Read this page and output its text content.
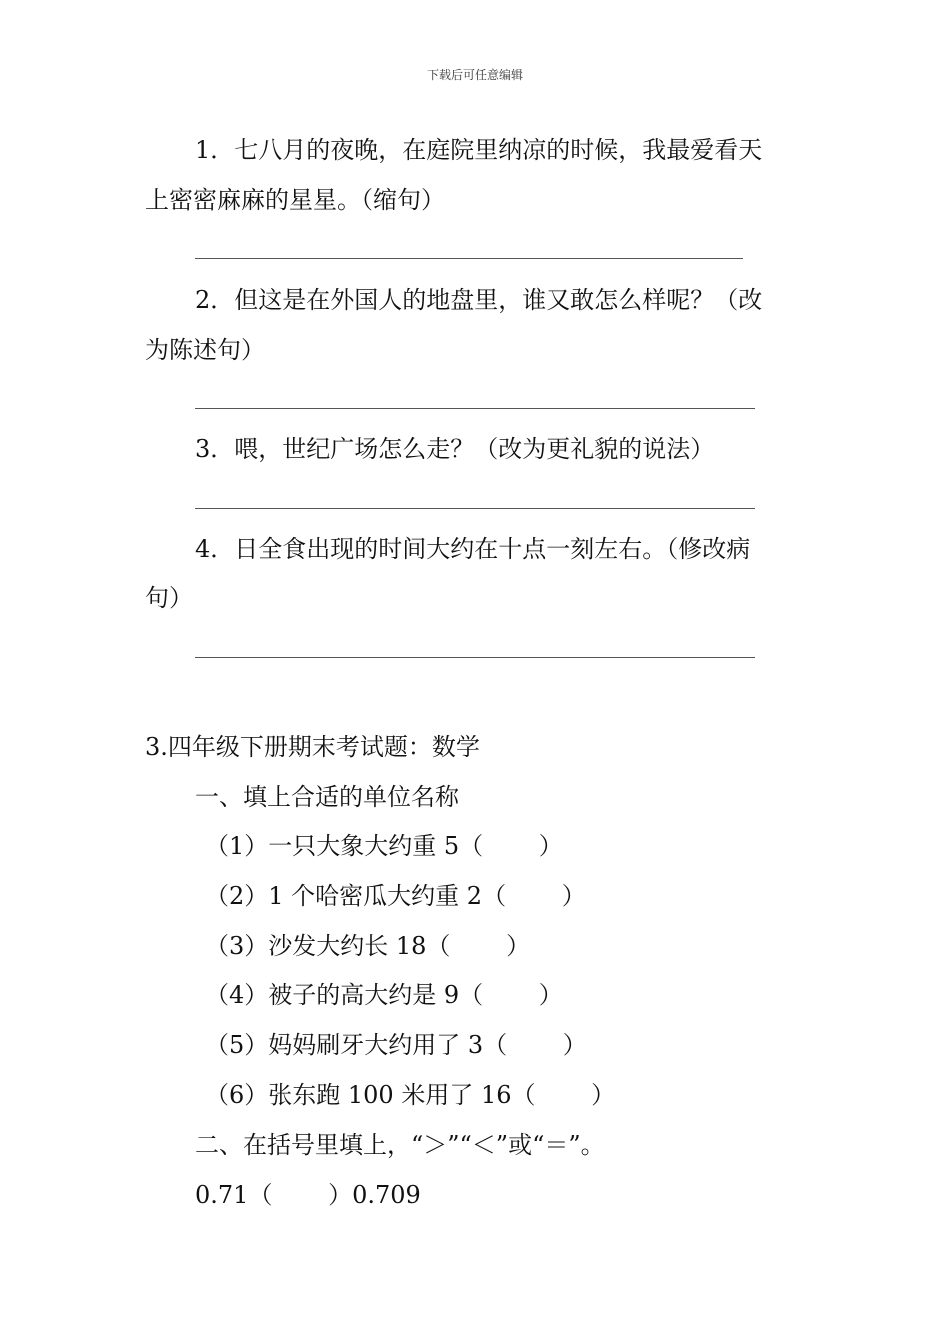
下载后可任意编辑
1．七八月的夜晚，在庭院里纳凉的时候，我最爱看天
上密密麻麻的星星。（缩句）
2．但这是在外国人的地盘里，谁又敢怎么样呢？（改
为陈述句）
3．喂，世纪广场怎么走？（改为更礼貌的说法）
4．日全食出现的时间大约在十点一刻左右。（修改病
句）
3.四年级下册期末考试题：数学
一、填上合适的单位名称
（1）一只大象大约重 5（　　 ）
（2）1 个哈密瓜大约重 2（　　 ）
（3）沙发大约长 18（　　 ）
（4）被子的高大约是 9（　　 ）
（5）妈妈刷牙大约用了 3（　　 ）
（6）张东跑 100 米用了 16（　　 ）
二、在括号里填上，“＞”“＜”或“＝”。
0.71（　　 ）0.709
